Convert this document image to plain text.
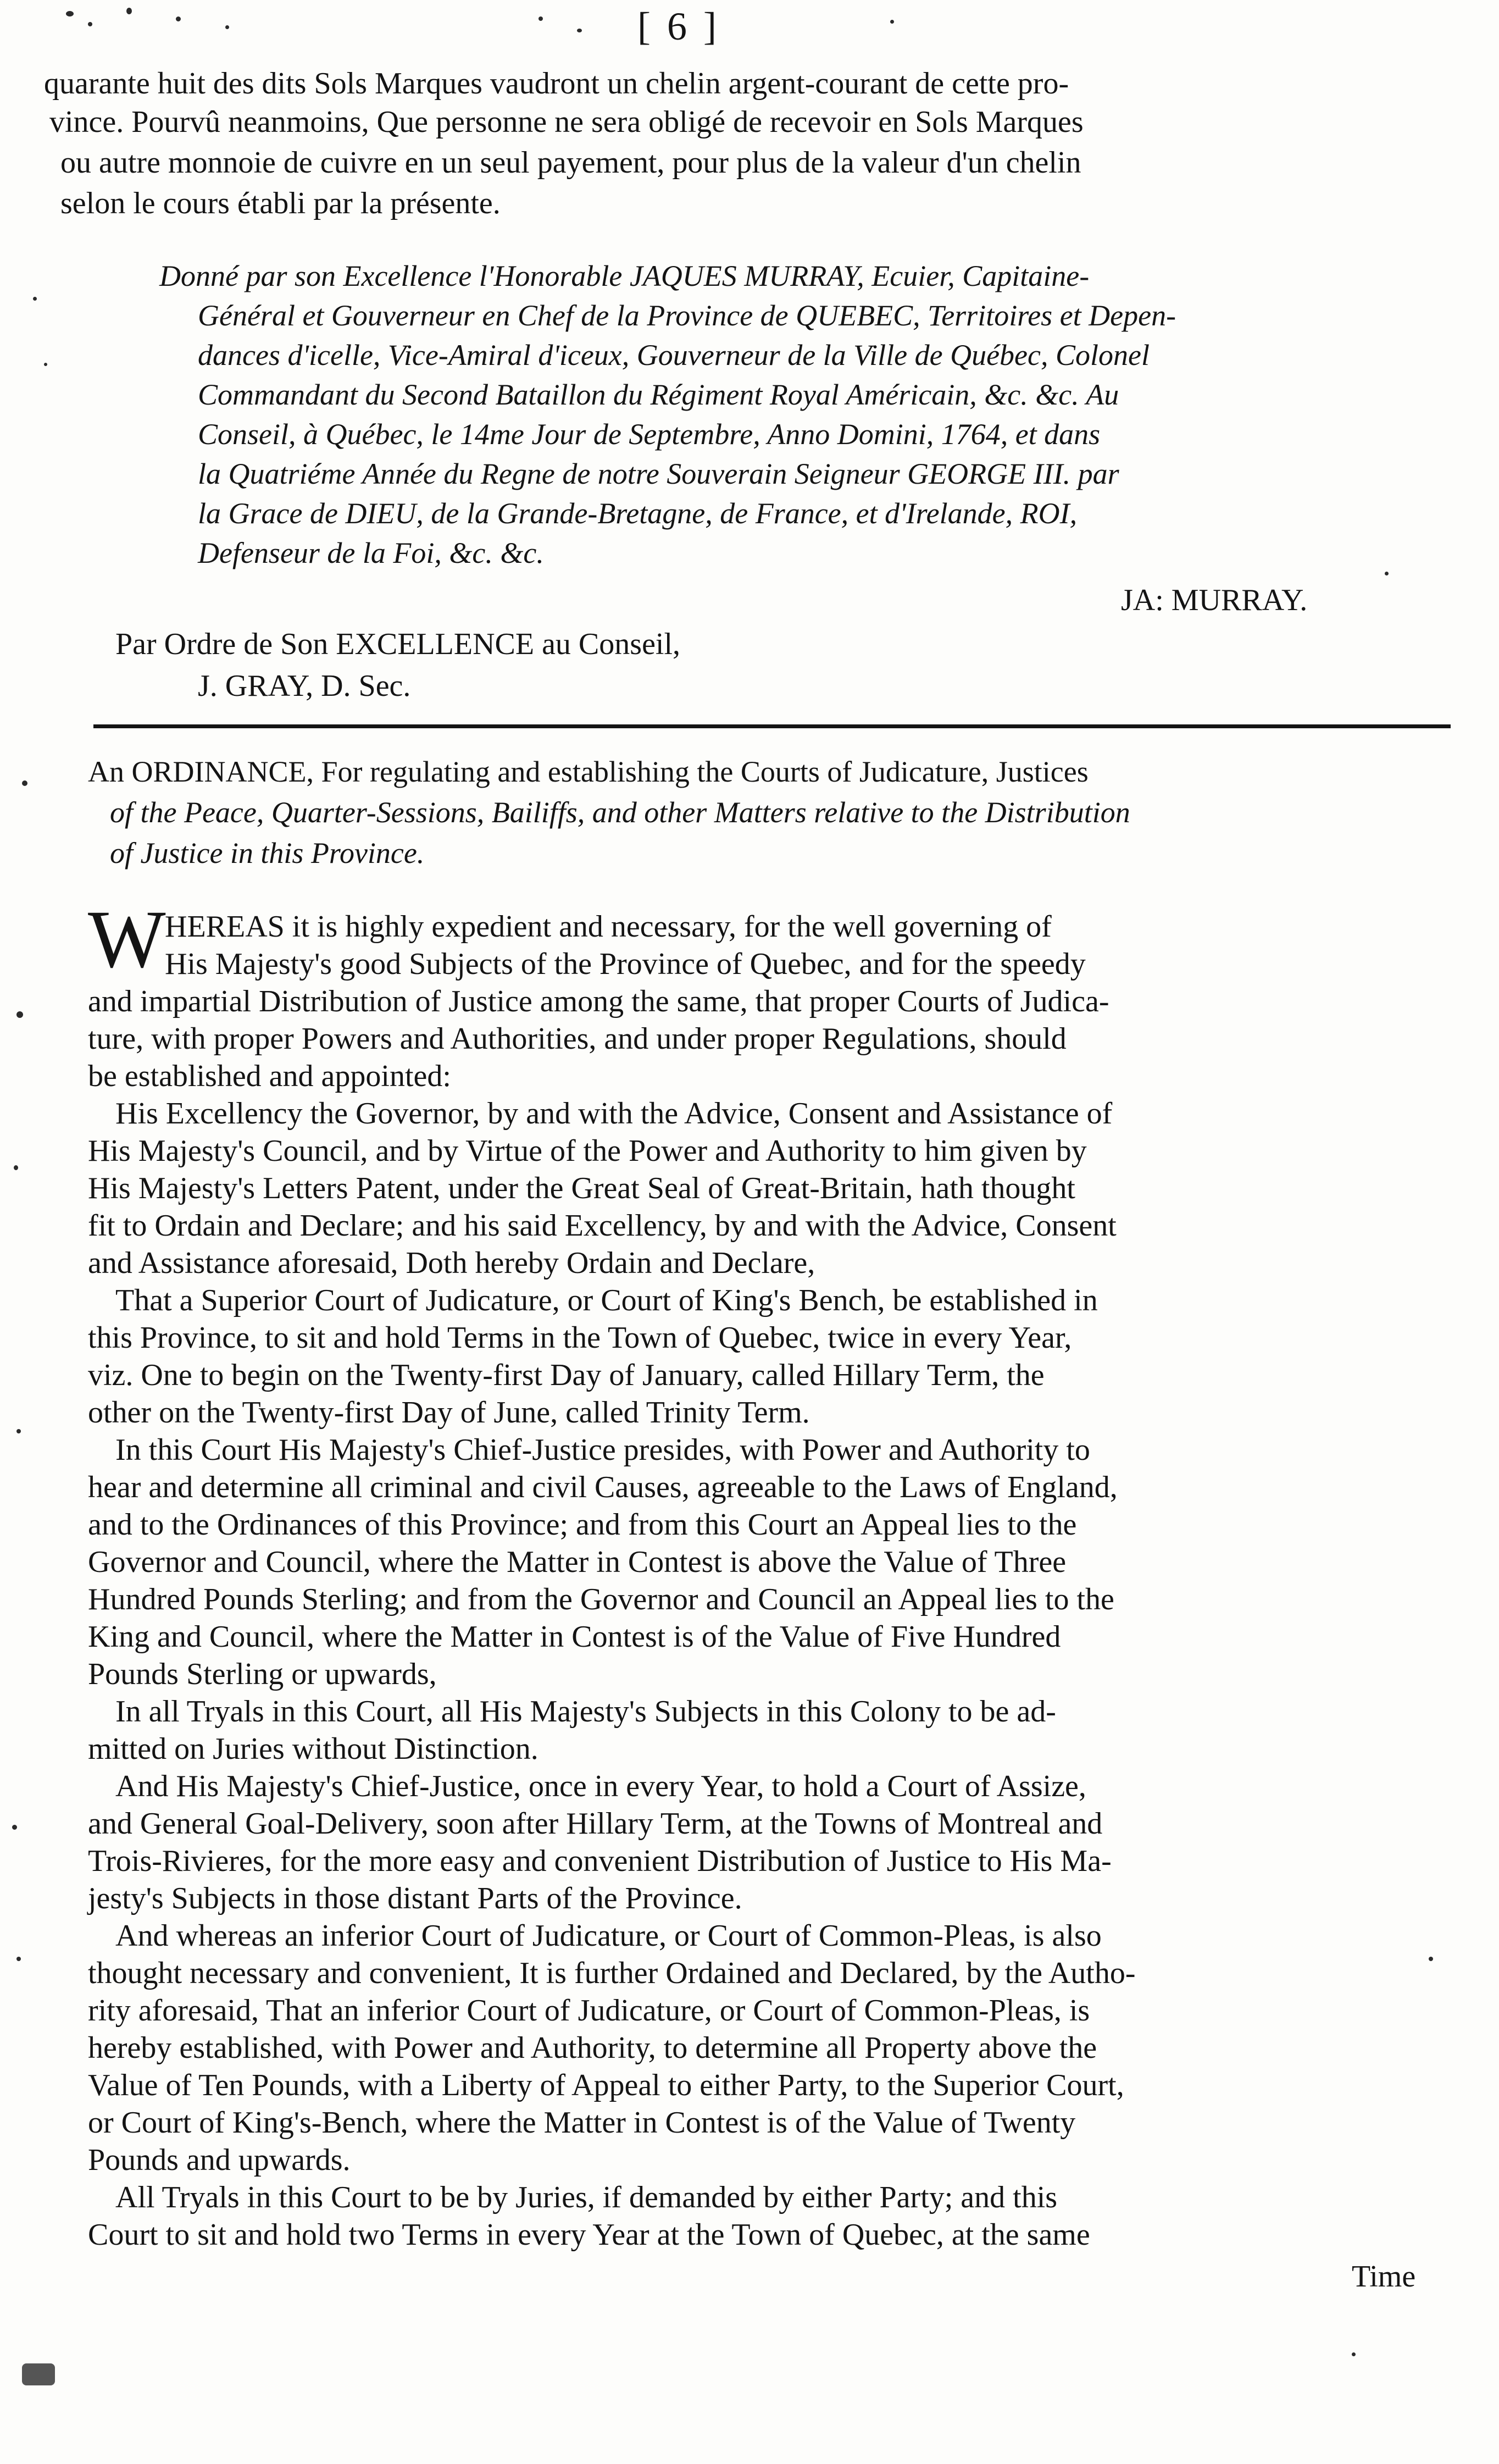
[ 6 ]
quarante huit des dits Sols Marques vaudront un chelin argent-courant de cette pro-
vince. Pourvû neanmoins, Que personne ne sera obligé de recevoir en Sols Marques
ou autre monnoie de cuivre en un seul payement, pour plus de la valeur d'un chelin
selon le cours établi par la présente.
Donné par son Excellence l'Honorable JAQUES MURRAY, Ecuier, Capitaine-
Général et Gouverneur en Chef de la Province de QUEBEC, Territoires et Depen-
dances d'icelle, Vice-Amiral d'iceux, Gouverneur de la Ville de Québec, Colonel
Commandant du Second Bataillon du Régiment Royal Américain, &c. &c. Au
Conseil, à Québec, le 14me Jour de Septembre, Anno Domini, 1764, et dans
la Quatriéme Année du Regne de notre Souverain Seigneur GEORGE III. par
la Grace de DIEU, de la Grande-Bretagne, de France, et d'Irelande, ROI,
Defenseur de la Foi, &c. &c.
JA: MURRAY.
Par Ordre de Son EXCELLENCE au Conseil,
J. GRAY, D. Sec.
An ORDINANCE, For regulating and establishing the Courts of Judicature, Justices
of the Peace, Quarter-Sessions, Bailiffs, and other Matters relative to the Distribution
of Justice in this Province.
W
HEREAS it is highly expedient and necessary, for the well governing of
His Majesty's good Subjects of the Province of Quebec, and for the speedy
and impartial Distribution of Justice among the same, that proper Courts of Judica-
ture, with proper Powers and Authorities, and under proper Regulations, should
be established and appointed:
His Excellency the Governor, by and with the Advice, Consent and Assistance of
His Majesty's Council, and by Virtue of the Power and Authority to him given by
His Majesty's Letters Patent, under the Great Seal of Great-Britain, hath thought
fit to Ordain and Declare; and his said Excellency, by and with the Advice, Consent
and Assistance aforesaid, Doth hereby Ordain and Declare,
That a Superior Court of Judicature, or Court of King's Bench, be established in
this Province, to sit and hold Terms in the Town of Quebec, twice in every Year,
viz. One to begin on the Twenty-first Day of January, called Hillary Term, the
other on the Twenty-first Day of June, called Trinity Term.
In this Court His Majesty's Chief-Justice presides, with Power and Authority to
hear and determine all criminal and civil Causes, agreeable to the Laws of England,
and to the Ordinances of this Province; and from this Court an Appeal lies to the
Governor and Council, where the Matter in Contest is above the Value of Three
Hundred Pounds Sterling; and from the Governor and Council an Appeal lies to the
King and Council, where the Matter in Contest is of the Value of Five Hundred
Pounds Sterling or upwards,
In all Tryals in this Court, all His Majesty's Subjects in this Colony to be ad-
mitted on Juries without Distinction.
And His Majesty's Chief-Justice, once in every Year, to hold a Court of Assize,
and General Goal-Delivery, soon after Hillary Term, at the Towns of Montreal and
Trois-Rivieres, for the more easy and convenient Distribution of Justice to His Ma-
jesty's Subjects in those distant Parts of the Province.
And whereas an inferior Court of Judicature, or Court of Common-Pleas, is also
thought necessary and convenient, It is further Ordained and Declared, by the Autho-
rity aforesaid, That an inferior Court of Judicature, or Court of Common-Pleas, is
hereby established, with Power and Authority, to determine all Property above the
Value of Ten Pounds, with a Liberty of Appeal to either Party, to the Superior Court,
or Court of King's-Bench, where the Matter in Contest is of the Value of Twenty
Pounds and upwards.
All Tryals in this Court to be by Juries, if demanded by either Party; and this
Court to sit and hold two Terms in every Year at the Town of Quebec, at the same
Time
